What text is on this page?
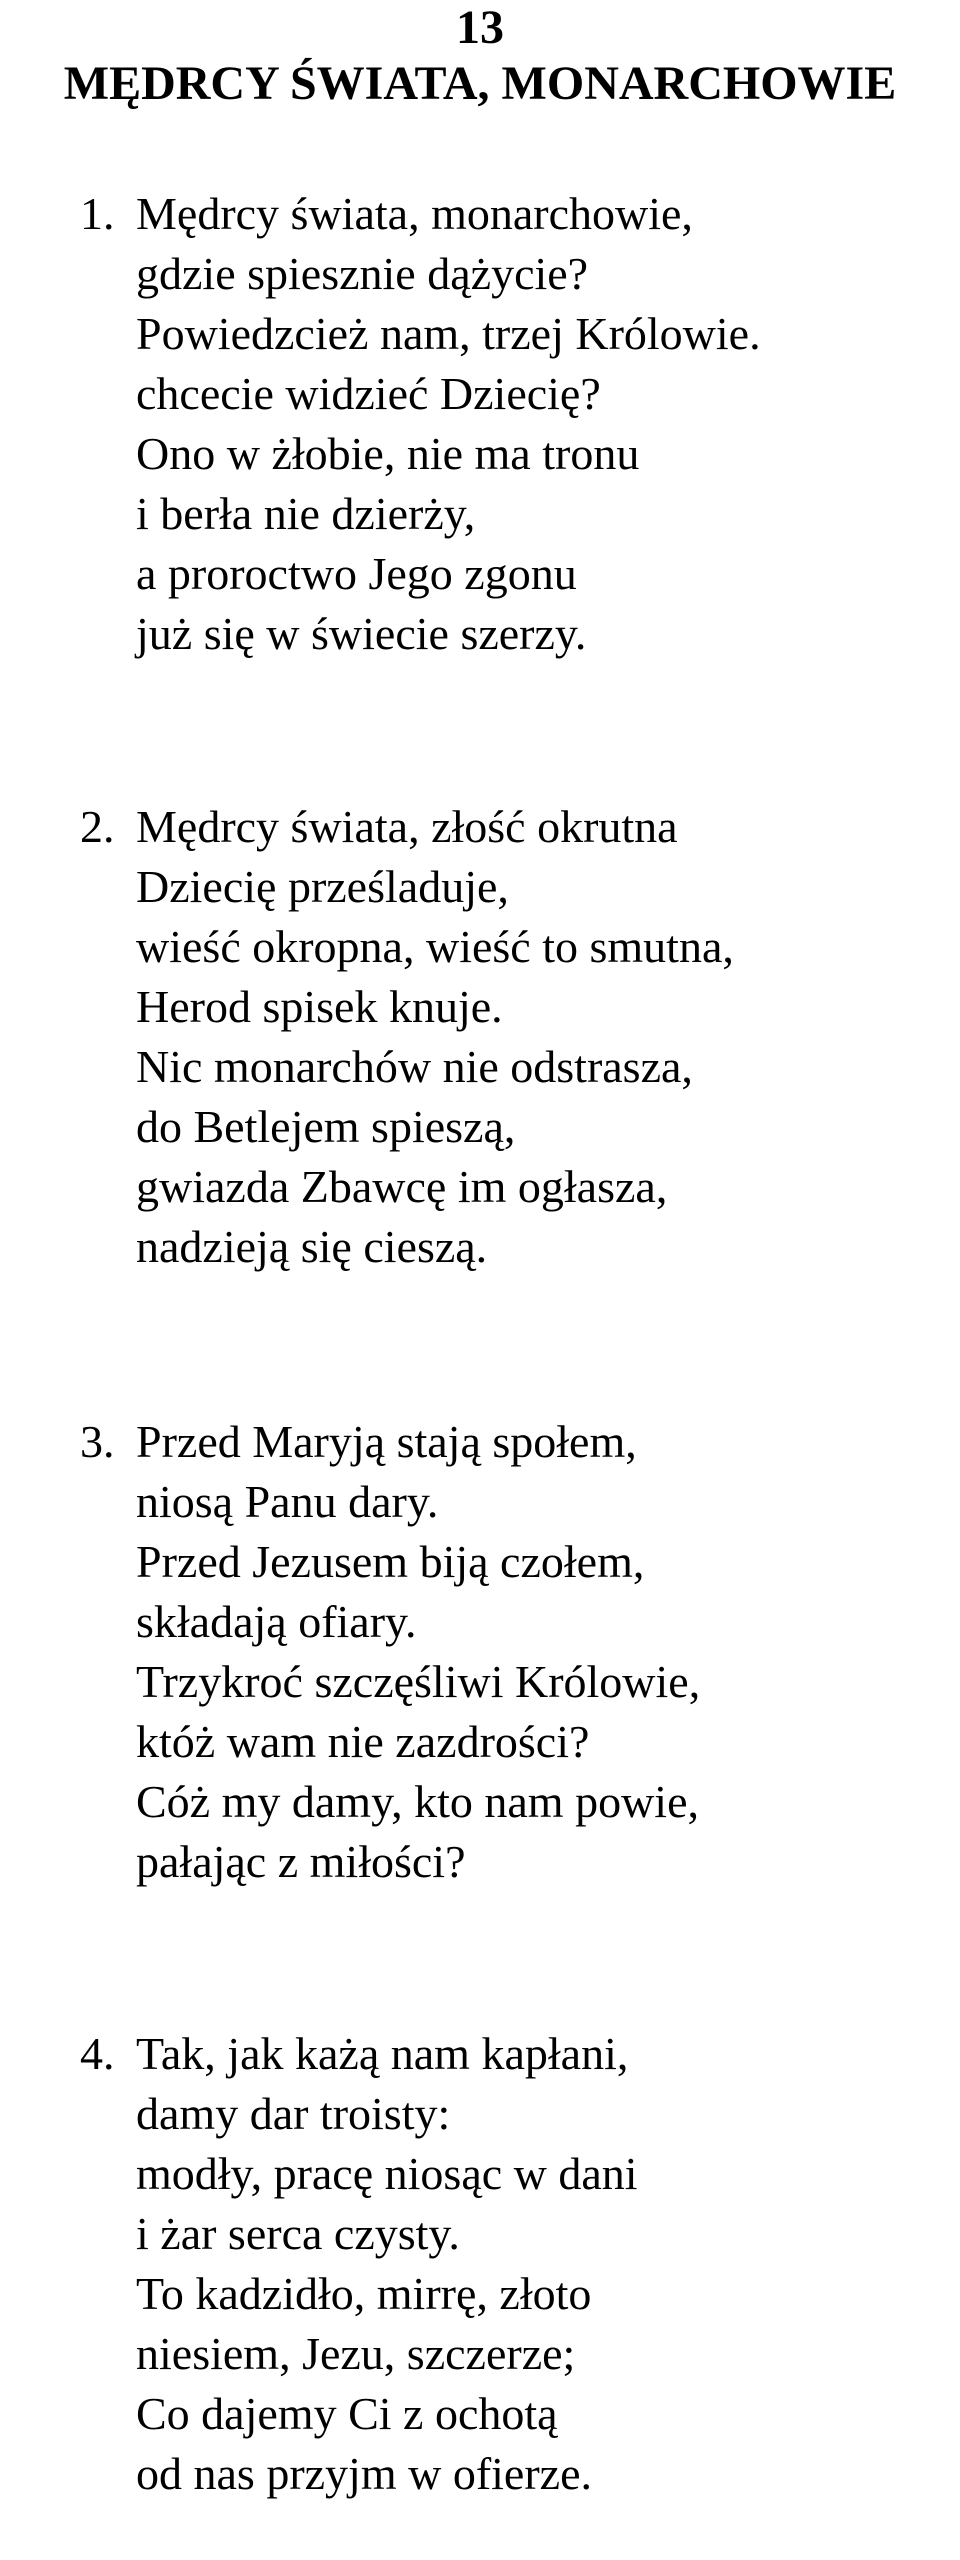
13
MĘDRCY ŚWIATA, MONARCHOWIE
1. Mędrcy świata, monarchowie,
gdzie spiesznie dążycie?
Powiedzcież nam, trzej Królowie.
chcecie widzieć Dziecię?
Ono w żłobie, nie ma tronu
i berła nie dzierży,
a proroctwo Jego zgonu
już się w świecie szerzy.
2. Mędrcy świata, złość okrutna
Dziecię prześladuje,
wieść okropna, wieść to smutna,
Herod spisek knuje.
Nic monarchów nie odstrasza,
do Betlejem spieszą,
gwiazda Zbawcę im ogłasza,
nadzieją się cieszą.
3. Przed Maryją stają społem,
niosą Panu dary.
Przed Jezusem biją czołem,
składają ofiary.
Trzykroć szczęśliwi Królowie,
któż wam nie zazdrości?
Cóż my damy, kto nam powie,
pałając z miłości?
4. Tak, jak każą nam kapłani,
damy dar troisty:
modły, pracę niosąc w dani
i żar serca czysty.
To kadzidło, mirrę, złoto
niesiem, Jezu, szczerze;
Co dajemy Ci z ochotą
od nas przyjm w ofierze.
